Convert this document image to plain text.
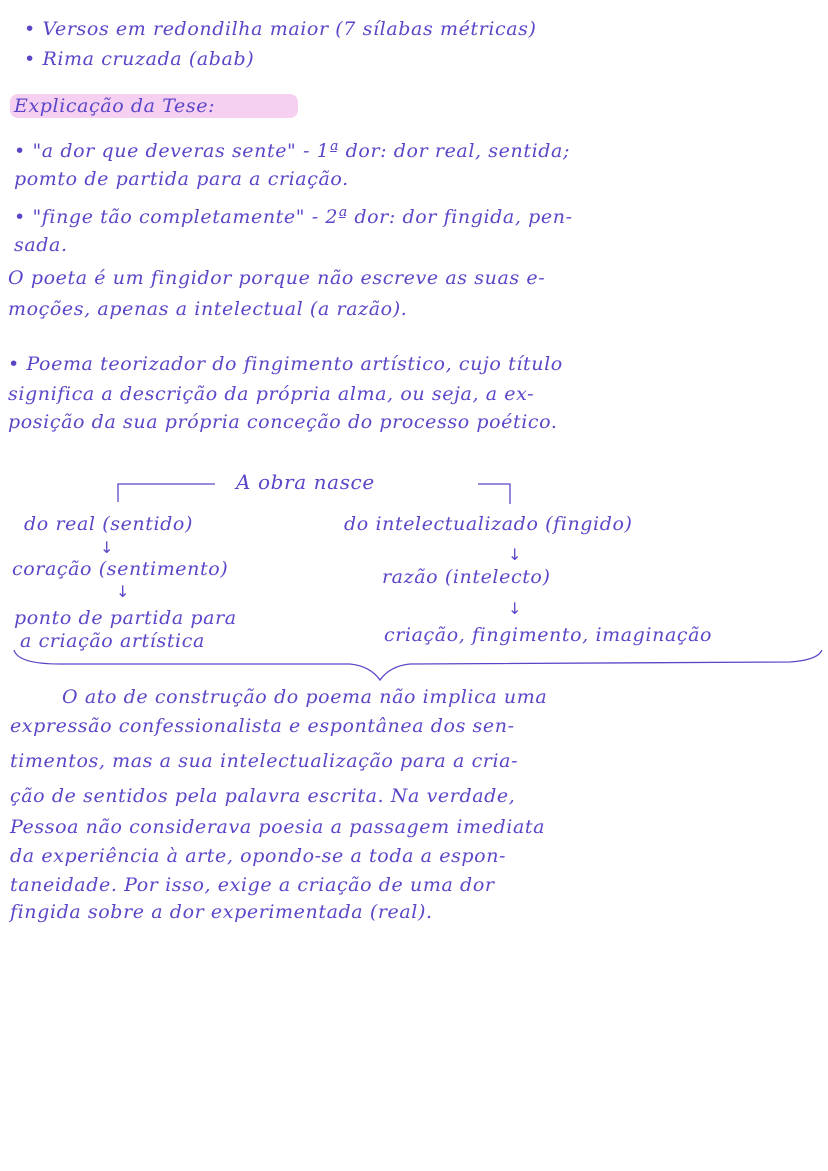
• Versos em redondilha maior (7 sílabas métricas)
• Rima cruzada (abab)
Explicação da Tese:
• "a dor que deveras sente" - 1ª dor: dor real, sentida;
pomto de partida para a criação.
• "finge tão completamente" - 2ª dor: dor fingida, pen-
sada.
O poeta é um fingidor porque não escreve as suas e-
moções, apenas a intelectual (a razão).
• Poema teorizador do fingimento artístico, cujo título
significa a descrição da própria alma, ou seja, a ex-
posição da sua própria conceção do processo poético.
A obra nasce
do real (sentido)
↓
coração (sentimento)
↓
ponto de partida para
a criação artística
do intelectualizado (fingido)
↓
razão (intelecto)
↓
criação, fingimento, imaginação
O ato de construção do poema não implica uma
expressão confessionalista e espontânea dos sen-
timentos, mas a sua intelectualização para a cria-
ção de sentidos pela palavra escrita. Na verdade,
Pessoa não considerava poesia a passagem imediata
da experiência à arte, opondo-se a toda a espon-
taneidade. Por isso, exige a criação de uma dor
fingida sobre a dor experimentada (real).
